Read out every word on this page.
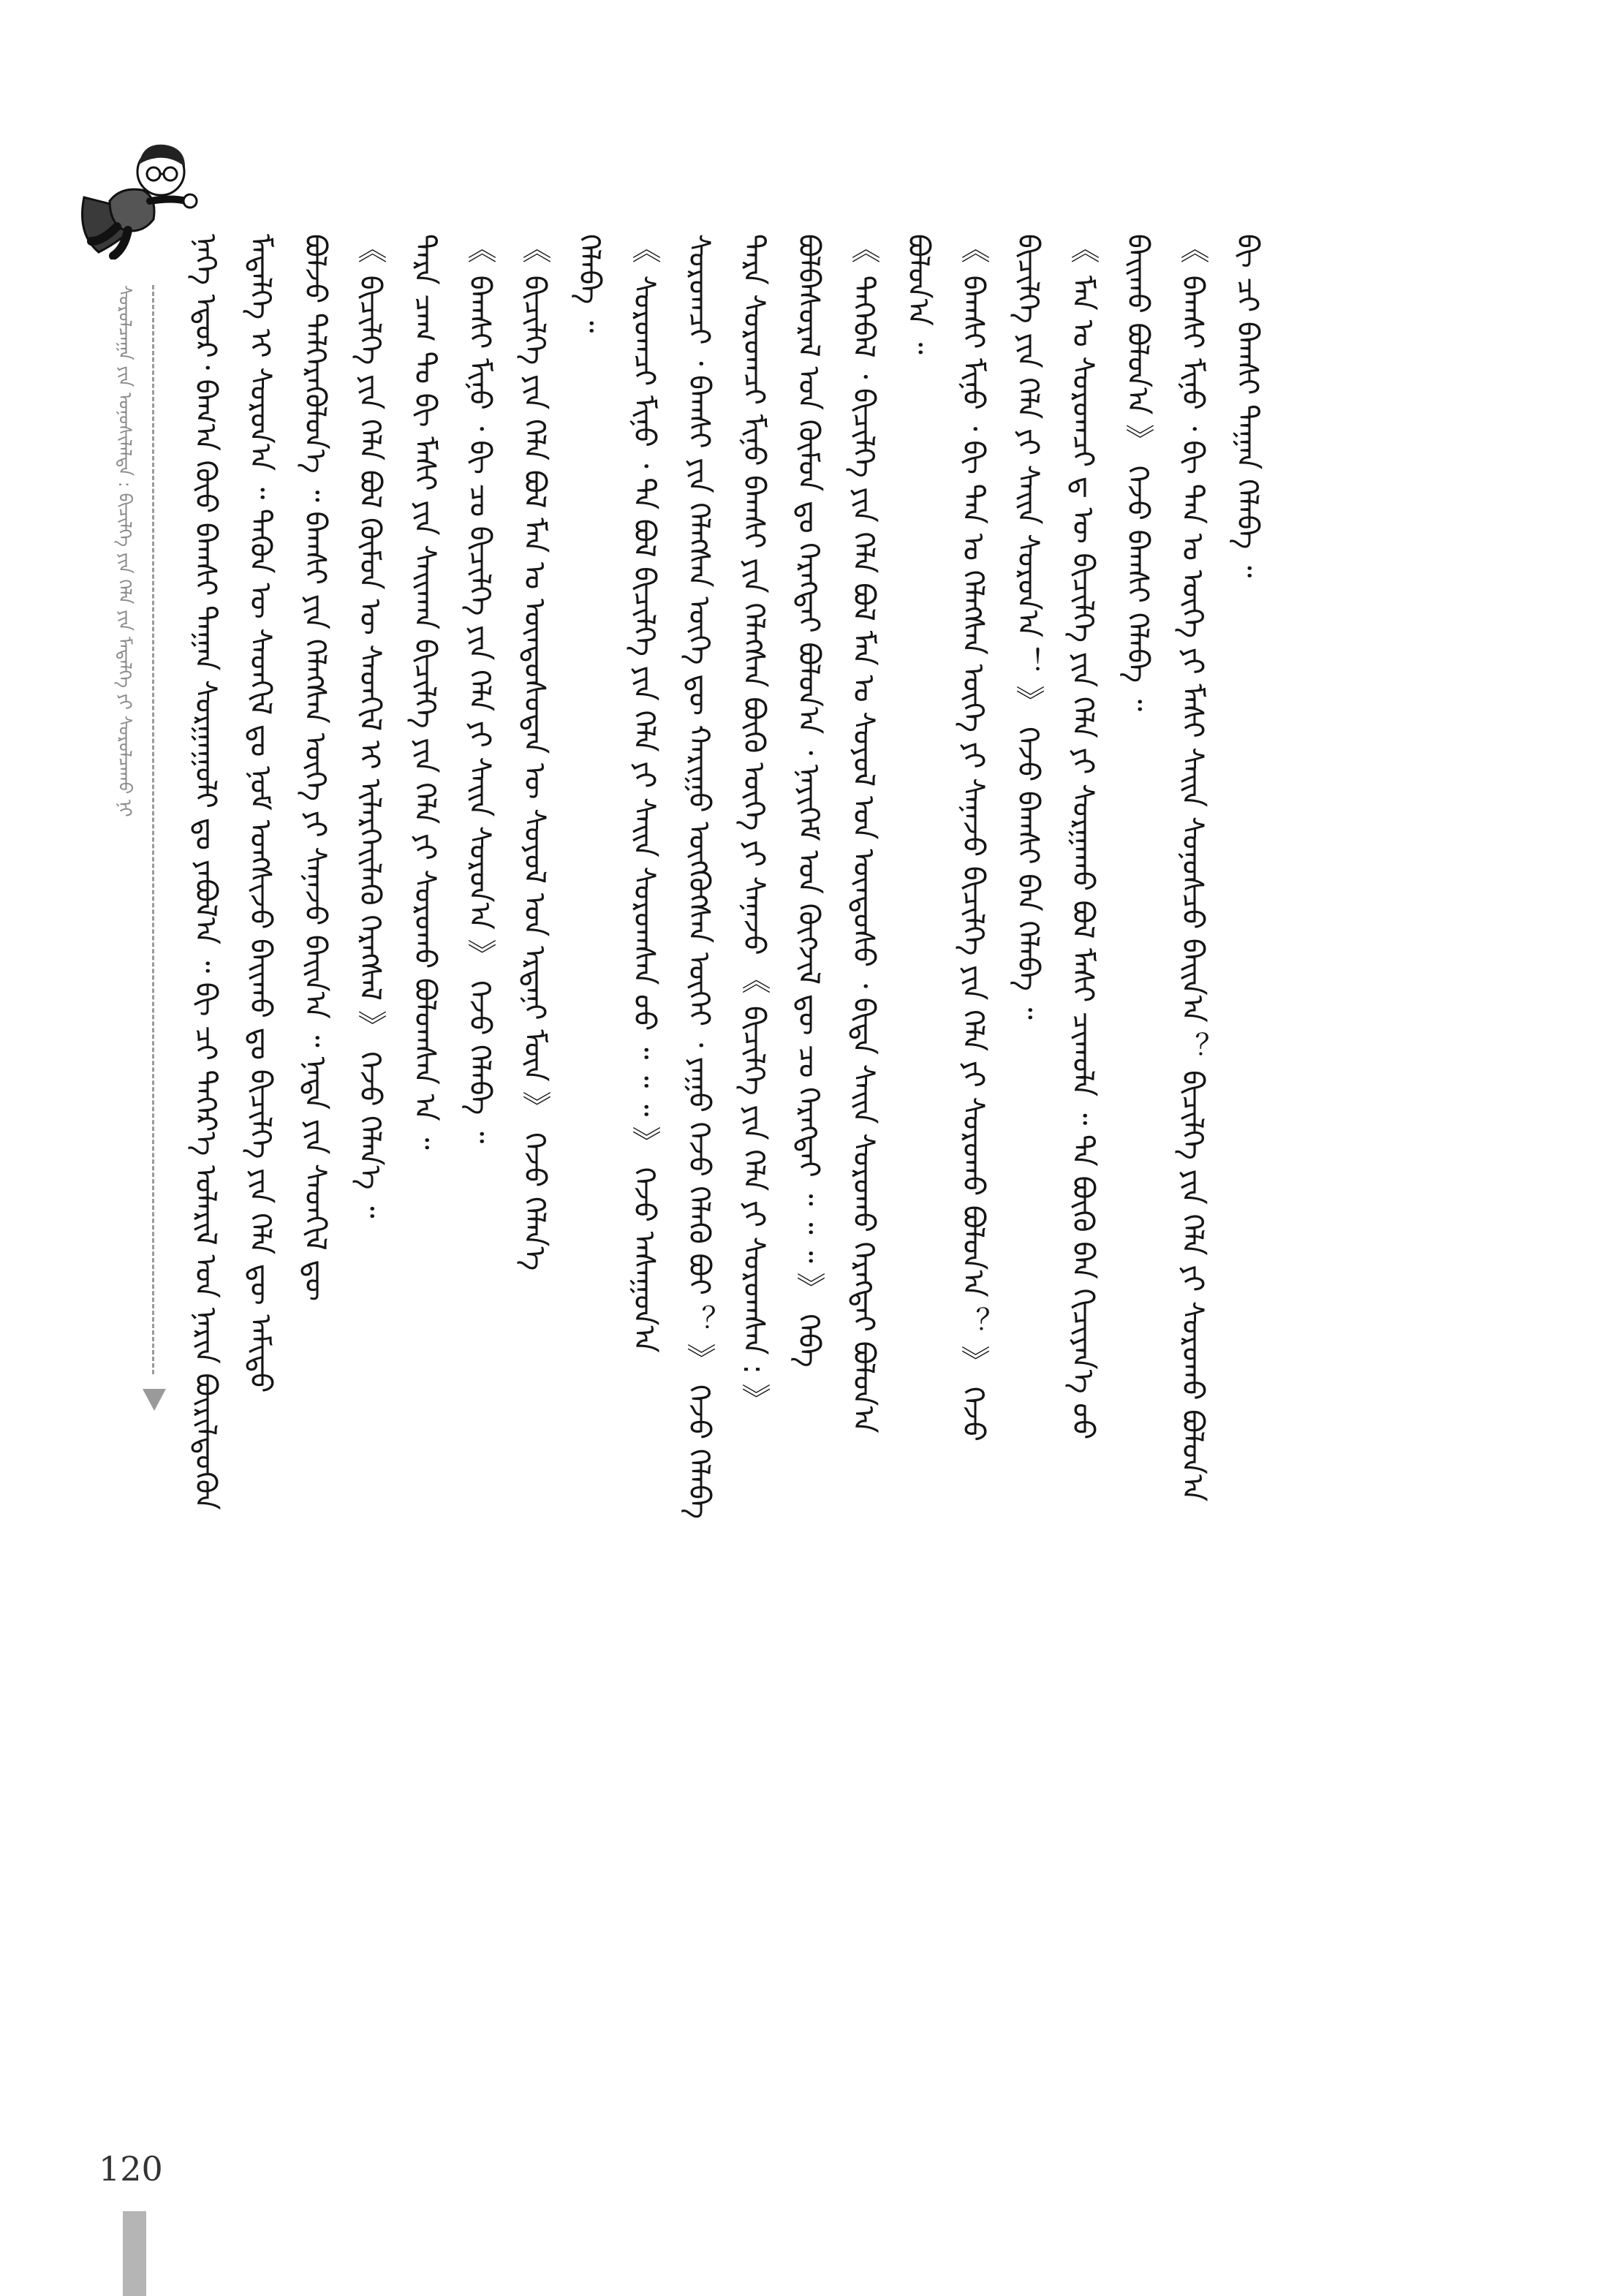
ᠰᠤᠷᠤᠯᠴᠠᠭᠠ ᠶᠢᠨ ᠤᠨᠤᠰᠢᠯᠠᠯᠲᠠ : ᠪᠢᠴᠢᠯᠭᠡ ᠶᠢᠨ ᠬᠡᠯᠡ ᠶᠢᠨ ᠮᠡᠳᠡᠯᠭᠡ ᠶᠢ ᠰᠤᠷᠤᠯᠴᠠᠬᠤ ᠨᠢ ᠨᠡᠭᠡ ᠡᠳᠦᠷ᠂ ᠪᠠᠭ᠎ᠠ ᠬᠦᠦ ᠪᠠᠭᠰᠢ ᠳᠠᠭᠠᠨ ᠰᠤᠷᠭᠠᠭᠤᠯᠢ ᠳᠤ ᠶᠠᠪᠤᠯ᠎ᠠ ᠃ ᠪᠢ ᠴᠢ ᠳᠡᠭᠡᠷ᠎ᠡ ᠤᠯᠠᠷᠢᠯ ᠤᠨ ᠨᠠᠷᠢᠨ ᠪᠦᠷᠢᠯᠳᠦᠭᠦᠨ ᠮᠡᠳᠡᠯᠭᠡ ᠢ ᠰᠤᠷᠤᠨ᠎ᠠ ᠃ ᠲᠡᠭᠦᠨ ᠦ ᠰᠡᠳᠬᠢᠯ ᠳᠤ ᠨᠣᠮ ᠤᠩᠰᠢᠵᠤ ᠪᠠᠢᠬᠤ ᠳᠤ ᠪᠢᠴᠢᠯᠭᠡ ᠶᠢᠨ ᠬᠡᠯᠡ ᠳᠦ ᠠᠮᠢᠳᠤ ᠪᠣᠯᠵᠤ ᠳᠡᠯᠭᠡᠷᠡᠭᠦᠯᠦᠨ᠎ᠡ ᠃ ᠪᠠᠭᠰᠢ ᠶᠢᠨ ᠬᠡᠯᠡᠭᠰᠡᠨ ᠦᠭᠡ ᠶᠢ ᠰᠠᠨᠠᠵᠤ ᠪᠠᠢᠨ᠎ᠠ ᠃ ᠨᠠᠳᠠ ᠶᠢᠨ ᠰᠡᠳᠬᠢᠯ ᠳᠦ 《 ᠪᠢᠴᠢᠯᠭᠡ ᠶᠢᠨ ᠬᠡᠯᠡ ᠪᠣᠯ ᠬᠦᠮᠦᠨ ᠦ ᠰᠡᠳᠬᠢᠯ ᠢ ᠢᠯᠡᠷᠬᠡᠢᠯᠡᠬᠦ ᠬᠡᠷᠡᠭᠰᠡᠯ 》 ᠭᠡᠵᠦ ᠬᠡᠯᠡᠨ᠎ᠡ ᠃ ᠲᠡᠷᠡ ᠴᠠᠭ ᠲᠤ ᠪᠢ ᠮᠠᠰᠢ ᠶᠢᠨ ᠰᠠᠢᠬᠠᠨ ᠪᠢᠴᠢᠯᠭᠡ ᠶᠢᠨ ᠬᠡᠯᠡ ᠶᠢ ᠰᠤᠷᠤᠬᠤ ᠪᠣᠯᠤᠭᠰᠠᠨ ᠠ ᠃ 《 ᠪᠠᠭᠰᠢ ᠮᠢᠨᠤ ᠂ ᠪᠢ ᠴᠤ ᠪᠢᠴᠢᠯᠭᠡ ᠶᠢᠨ ᠬᠡᠯᠡ ᠶᠢ ᠰᠠᠢᠨ ᠰᠤᠷᠤᠨ᠎ᠠ 》 ᠭᠡᠵᠦ ᠬᠡᠯᠡᠪᠡ ᠃ 《 ᠪᠢᠴᠢᠯᠭᠡ ᠶᠢᠨ ᠬᠡᠯᠡ ᠪᠣᠯ ᠮᠠᠨ ᠤ ᠦᠨᠳᠦᠰᠦᠲᠡᠨ ᠦ ᠰᠣᠶᠣᠯ ᠤᠨ ᠡᠷᠳᠡᠨᠢ ᠮᠥᠨ 》 ᠭᠡᠵᠦ ᠬᠡᠯᠡᠨ᠎ᠡ ᠬᠡᠯᠡᠪᠡ ᠃ 《 ᠰᠤᠷᠤᠭᠴᠢ ᠮᠢᠨᠤ ᠂ ᠲᠠ ᠪᠣᠯ ᠪᠢᠴᠢᠯᠭᠡ ᠶᠢᠨ ᠬᠡᠯᠡ ᠶᠢ ᠰᠠᠢᠨ ᠰᠤᠷᠤᠭᠰᠠᠨ ᠤᠤ ᠃ ᠃ ᠃ 》 ᠭᠡᠵᠦ ᠠᠰᠠᠭᠤᠨ᠎ᠠ ᠰᠤᠷᠤᠭᠴᠢ ᠂ ᠪᠠᠭᠰᠢ ᠶᠢᠨ ᠬᠡᠯᠡᠭᠰᠡᠨ ᠦᠭᠡ ᠳᠦ ᠬᠠᠷᠢᠭᠤ ᠥᠭᠭᠦᠭᠰᠡᠨ ᠦᠭᠡᠢ ᠂ ᠶᠠᠭᠤ ᠭᠡᠵᠦ ᠬᠡᠯᠡᠬᠦ ᠪᠤᠢ ？ 》 ᠭᠡᠵᠦ ᠬᠡᠯᠡᠪᠡ ᠲᠡᠷᠡ ᠰᠤᠷᠤᠭᠴᠢ ᠮᠢᠨᠤ ᠪᠠᠭᠰᠢ ᠶᠢᠨ ᠬᠡᠯᠡᠭᠰᠡᠨ ᠪᠦᠬᠦ ᠦᠭᠡ ᠶᠢ ᠰᠠᠨᠠᠵᠤ 《 ᠪᠢᠴᠢᠯᠭᠡ ᠶᠢᠨ ᠬᠡᠯᠡ ᠶᠢ ᠰᠤᠷᠤᠭᠰᠠᠨ : 》 ᠪᠣᠯᠪᠠᠰᠤᠷᠠᠯ ᠤᠨ ᠬᠦᠮᠦᠨ ᠳᠤ ᠬᠡᠷᠡᠭᠲᠡᠢ ᠪᠣᠯᠤᠨ᠎ᠠ ᠂ ᠨᠡᠶᠢᠭᠡᠮ ᠤᠨ ᠬᠥᠭᠵᠢᠯ ᠳᠦ ᠴᠤ ᠬᠡᠷᠡᠭᠲᠡᠢ ᠃ ᠃ ᠃ 》 ᠭᠡᠪᠡ 《 ᠲᠡᠭᠡᠪᠡᠯ ᠂ ᠪᠢᠴᠢᠯᠭᠡ ᠶᠢᠨ ᠬᠡᠯᠡ ᠪᠣᠯ ᠮᠠᠨ ᠤ ᠰᠣᠶᠣᠯ ᠤᠨ ᠦᠨᠳᠦᠰᠦ ᠂ ᠪᠢᠳᠡ ᠰᠠᠢᠨ ᠰᠤᠷᠤᠬᠤ ᠬᠡᠷᠡᠭᠲᠡᠢ ᠪᠣᠯᠤᠨ᠎ᠠ ᠪᠣᠯᠤᠨ᠎ᠠ ᠃ 《 ᠪᠠᠭᠰᠢ ᠮᠢᠨᠤ ᠂ ᠪᠢ ᠲᠠᠨ ᠤ ᠬᠡᠯᠡᠭᠰᠡᠨ ᠦᠭᠡ ᠶᠢ ᠰᠠᠨᠠᠵᠤ ᠪᠢᠴᠢᠯᠭᠡ ᠶᠢᠨ ᠬᠡᠯᠡ ᠶᠢ ᠰᠤᠷᠤᠬᠤ ᠪᠣᠯᠤᠨ᠎ᠠ ？ 》 ᠭᠡᠵᠦ ᠪᠢᠴᠢᠯᠭᠡ ᠶᠢᠨ ᠬᠡᠯᠡ ᠶᠢ ᠰᠠᠢᠨ ᠰᠤᠷᠤᠨ᠎ᠠ ！ 》 ᠭᠡᠵᠦ ᠪᠠᠭᠰᠢ ᠪᠠᠨ ᠬᠡᠯᠡᠪᠡ ᠃ 《 ᠮᠠᠨ ᠤ ᠰᠤᠷᠤᠭᠴᠢ ᠳ ᠦ ᠪᠢᠴᠢᠯᠭᠡ ᠶᠢᠨ ᠬᠡᠯᠡ ᠶᠢ ᠰᠤᠷᠭᠠᠬᠤ ᠪᠣᠯ ᠮᠠᠰᠢ ᠴᠢᠬᠤᠯᠠ ᠃ ᠲᠠ ᠪᠦᠬᠦ ᠪᠠᠨ ᠬᠢᠴᠢᠶᠡᠨ᠎ᠡ ᠦᠦ ᠪᠠᠢᠬᠤ ᠪᠣᠯᠤᠨ᠎ᠠ 》 ᠭᠡᠵᠦ ᠪᠠᠭᠰᠢ ᠬᠡᠯᠡᠪᠡ ᠃ 《 ᠪᠠᠭᠰᠢ ᠮᠢᠨᠤ ᠂ ᠪᠢ ᠲᠠᠨ ᠤ ᠦᠭᠡ ᠶᠢ ᠮᠠᠰᠢ ᠰᠠᠢᠨ ᠰᠣᠨᠣᠰᠴᠤ ᠪᠠᠢᠨ᠎ᠠ ？ ᠪᠢᠴᠢᠯᠭᠡ ᠶᠢᠨ ᠬᠡᠯᠡ ᠶᠢ ᠰᠤᠷᠤᠬᠤ ᠪᠣᠯᠤᠨ᠎ᠠ ᠪᠢ ᠴᠢ ᠪᠠᠭᠰᠢ ᠳᠠᠭᠠᠨ ᠬᠡᠯᠡᠪᠡ ᠃
120
